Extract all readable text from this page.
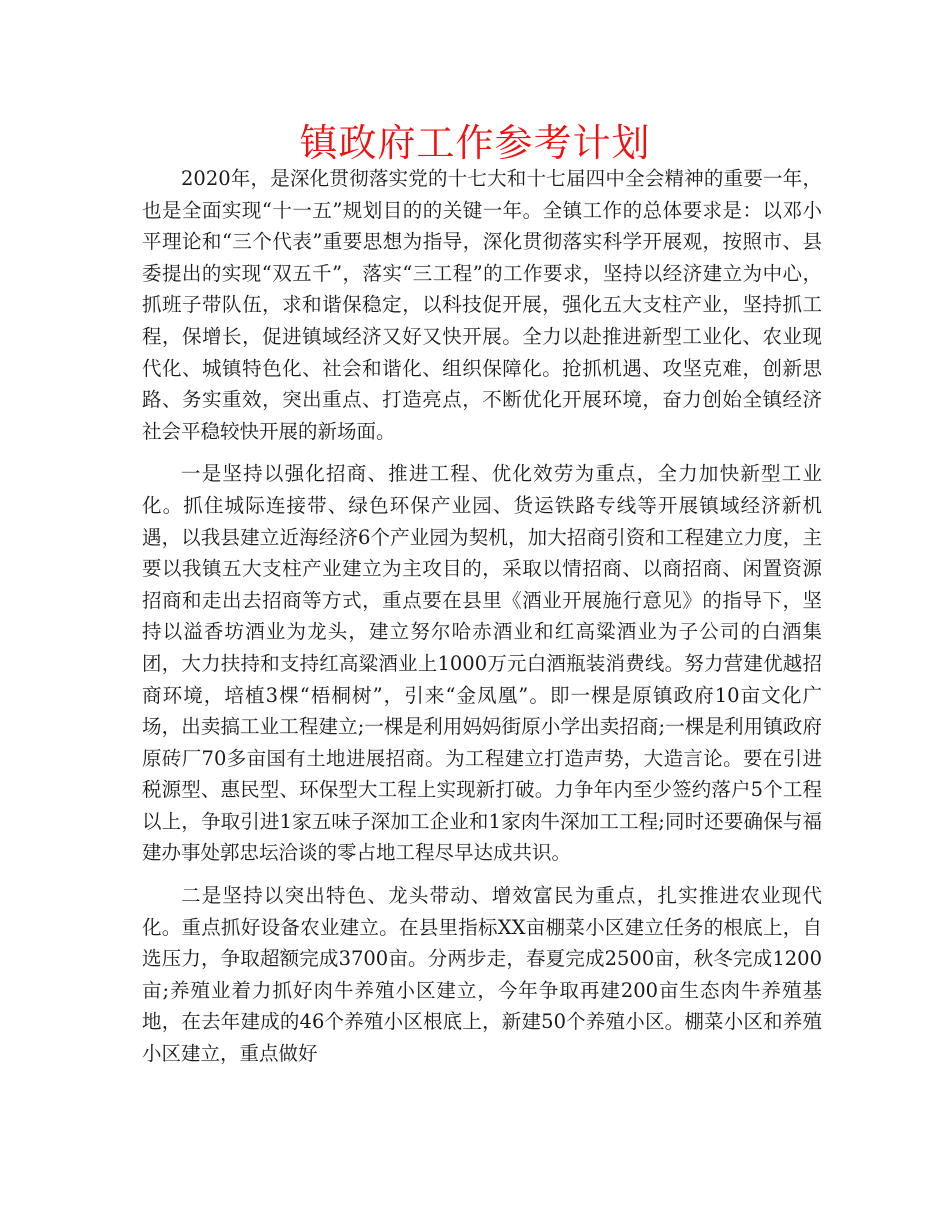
镇政府工作参考计划

2020年，是深化贯彻落实党的十七大和十七届四中全会精神的重要一年，也是全面实现“十一五”规划目的的关键一年。全镇工作的总体要求是：以邓小平理论和“三个代表”重要思想为指导，深化贯彻落实科学开展观，按照市、县委提出的实现“双五千”，落实“三工程”的工作要求，坚持以经济建立为中心，抓班子带队伍，求和谐保稳定，以科技促开展，强化五大支柱产业，坚持抓工程，保增长，促进镇域经济又好又快开展。全力以赴推进新型工业化、农业现代化、城镇特色化、社会和谐化、组织保障化。抢抓机遇、攻坚克难，创新思路、务实重效，突出重点、打造亮点，不断优化开展环境，奋力创始全镇经济社会平稳较快开展的新场面。

一是坚持以强化招商、推进工程、优化效劳为重点，全力加快新型工业化。抓住城际连接带、绿色环保产业园、货运铁路专线等开展镇域经济新机遇，以我县建立近海经济6个产业园为契机，加大招商引资和工程建立力度，主要以我镇五大支柱产业建立为主攻目的，采取以情招商、以商招商、闲置资源招商和走出去招商等方式，重点要在县里《酒业开展施行意见》的指导下，坚持以溢香坊酒业为龙头，建立努尔哈赤酒业和红高粱酒业为子公司的白酒集团，大力扶持和支持红高粱酒业上1000万元白酒瓶装消费线。努力营建优越招商环境，培植3棵“梧桐树”，引来“金凤凰”。即一棵是原镇政府10亩文化广场，出卖搞工业工程建立;一棵是利用妈妈街原小学出卖招商;一棵是利用镇政府原砖厂70多亩国有土地进展招商。为工程建立打造声势，大造言论。要在引进税源型、惠民型、环保型大工程上实现新打破。力争年内至少签约落户5个工程以上，争取引进1家五味子深加工企业和1家肉牛深加工工程;同时还要确保与福建办事处郭忠坛洽谈的零占地工程尽早达成共识。

二是坚持以突出特色、龙头带动、增效富民为重点，扎实推进农业现代化。重点抓好设备农业建立。在县里指标XX亩棚菜小区建立任务的根底上，自选压力，争取超额完成3700亩。分两步走，春夏完成2500亩，秋冬完成1200亩;养殖业着力抓好肉牛养殖小区建立，今年争取再建200亩生态肉牛养殖基地，在去年建成的46个养殖小区根底上，新建50个养殖小区。棚菜小区和养殖小区建立，重点做好
